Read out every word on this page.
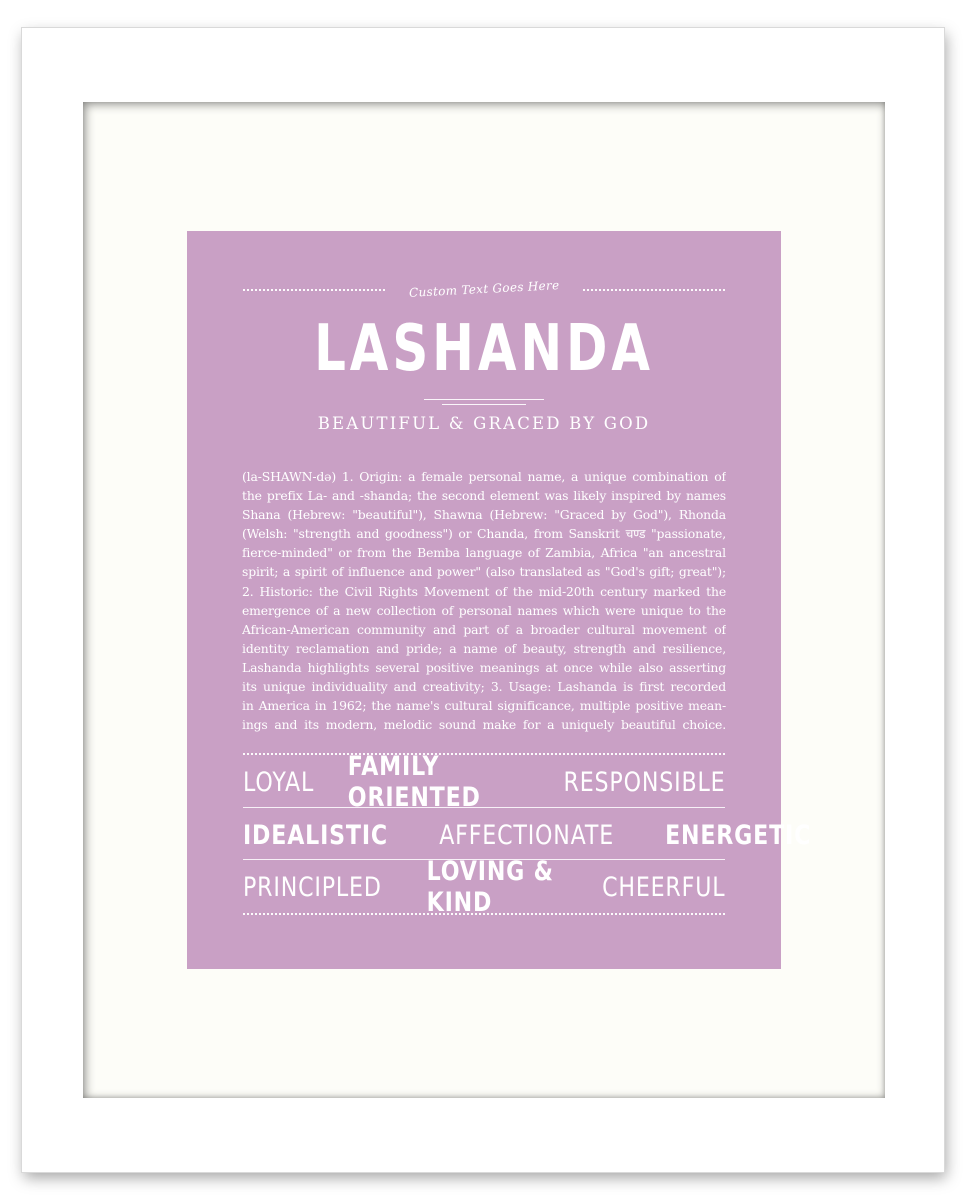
Custom Text Goes Here
LASHANDA
BEAUTIFUL & GRACED BY GOD
(la-SHAWN-də) 1. Origin: a female personal name, a unique combination of
the prefix La- and -shanda; the second element was likely inspired by names
Shana (Hebrew: "beautiful"), Shawna (Hebrew: "Graced by God"), Rhonda
(Welsh: "strength and goodness") or Chanda, from Sanskrit चण्ड "passionate,
fierce-minded" or from the Bemba language of Zambia, Africa "an ancestral
spirit; a spirit of influence and power" (also translated as "God's gift; great");
2. Historic: the Civil Rights Movement of the mid-20th century marked the
emergence of a new collection of personal names which were unique to the
African-American community and part of a broader cultural movement of
identity reclamation and pride; a name of beauty, strength and resilience,
Lashanda highlights several positive meanings at once while also asserting
its unique individuality and creativity; 3. Usage: Lashanda is first recorded
in America in 1962; the name's cultural significance, multiple positive mean-
ings and its modern, melodic sound make for a uniquely beautiful choice.
LOYAL FAMILY ORIENTED	RESPONSIBLE
IDEALISTIC AFFECTIONATE ENERGETIC
PRINCIPLED LOVING & KIND	CHEERFUL
